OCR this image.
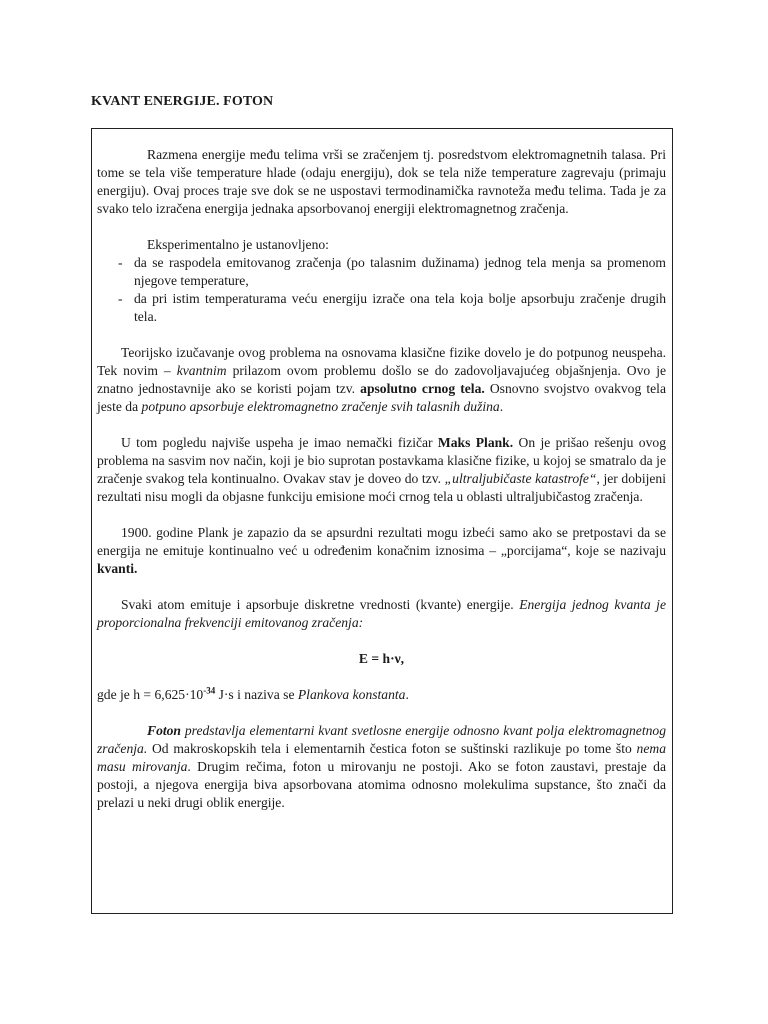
KVANT ENERGIJE. FOTON

Razmena energije među telima vrši se zračenjem tj. posredstvom elektromagnetnih talasa. Pri tome se tela više temperature hlade (odaju energiju), dok se tela niže temperature zagrevaju (primaju energiju). Ovaj proces traje sve dok se ne uspostavi termodinamička ravnoteža među telima. Tada je za svako telo izračena energija jednaka apsorbovanoj energiji elektromagnetnog zračenja.

Eksperimentalno je ustanovljeno:

- da se raspodela emitovanog zračenja (po talasnim dužinama) jednog tela menja sa promenom njegove temperature,
- da pri istim temperaturama veću energiju izrače ona tela koja bolje apsorbuju zračenje drugih tela.

Teorijsko izučavanje ovog problema na osnovama klasične fizike dovelo je do potpunog neuspeha. Tek novim – kvantnim prilazom ovom problemu došlo se do zadovoljavajućeg objašnjenja. Ovo je znatno jednostavnije ako se koristi pojam tzv. apsolutno crnog tela. Osnovno svojstvo ovakvog tela jeste da potpuno apsorbuje elektromagnetno zračenje svih talasnih dužina.

U tom pogledu najviše uspeha je imao nemački fizičar Maks Plank. On je prišao rešenju ovog problema na sasvim nov način, koji je bio suprotan postavkama klasične fizike, u kojoj se smatralo da je zračenje svakog tela kontinualno. Ovakav stav je doveo do tzv. „ultraljubičaste katastrofe“, jer dobijeni rezultati nisu mogli da objasne funkciju emisione moći crnog tela u oblasti ultraljubičastog zračenja.

1900. godine Plank je zapazio da se apsurdni rezultati mogu izbeći samo ako se pretpostavi da se energija ne emituje kontinualno već u određenim konačnim iznosima – „porcijama“, koje se nazivaju kvanti.

Svaki atom emituje i apsorbuje diskretne vrednosti (kvante) energije. Energija jednog kvanta je proporcionalna frekvenciji emitovanog zračenja:

E = h·ν,

gde je $h = 6,625\cdot 10^{-34}$ J·s i naziva se Plankova konstanta.

Foton predstavlja elementarni kvant svetlosne energije odnosno kvant polja elektromagnetnog zračenja. Od makroskopskih tela i elementarnih čestica foton se suštinski razlikuje po tome što nema masu mirovanja. Drugim rečima, foton u mirovanju ne postoji. Ako se foton zaustavi, prestaje da postoji, a njegova energija biva apsorbovana atomima odnosno molekulima supstance, što znači da prelazi u neki drugi oblik energije.
